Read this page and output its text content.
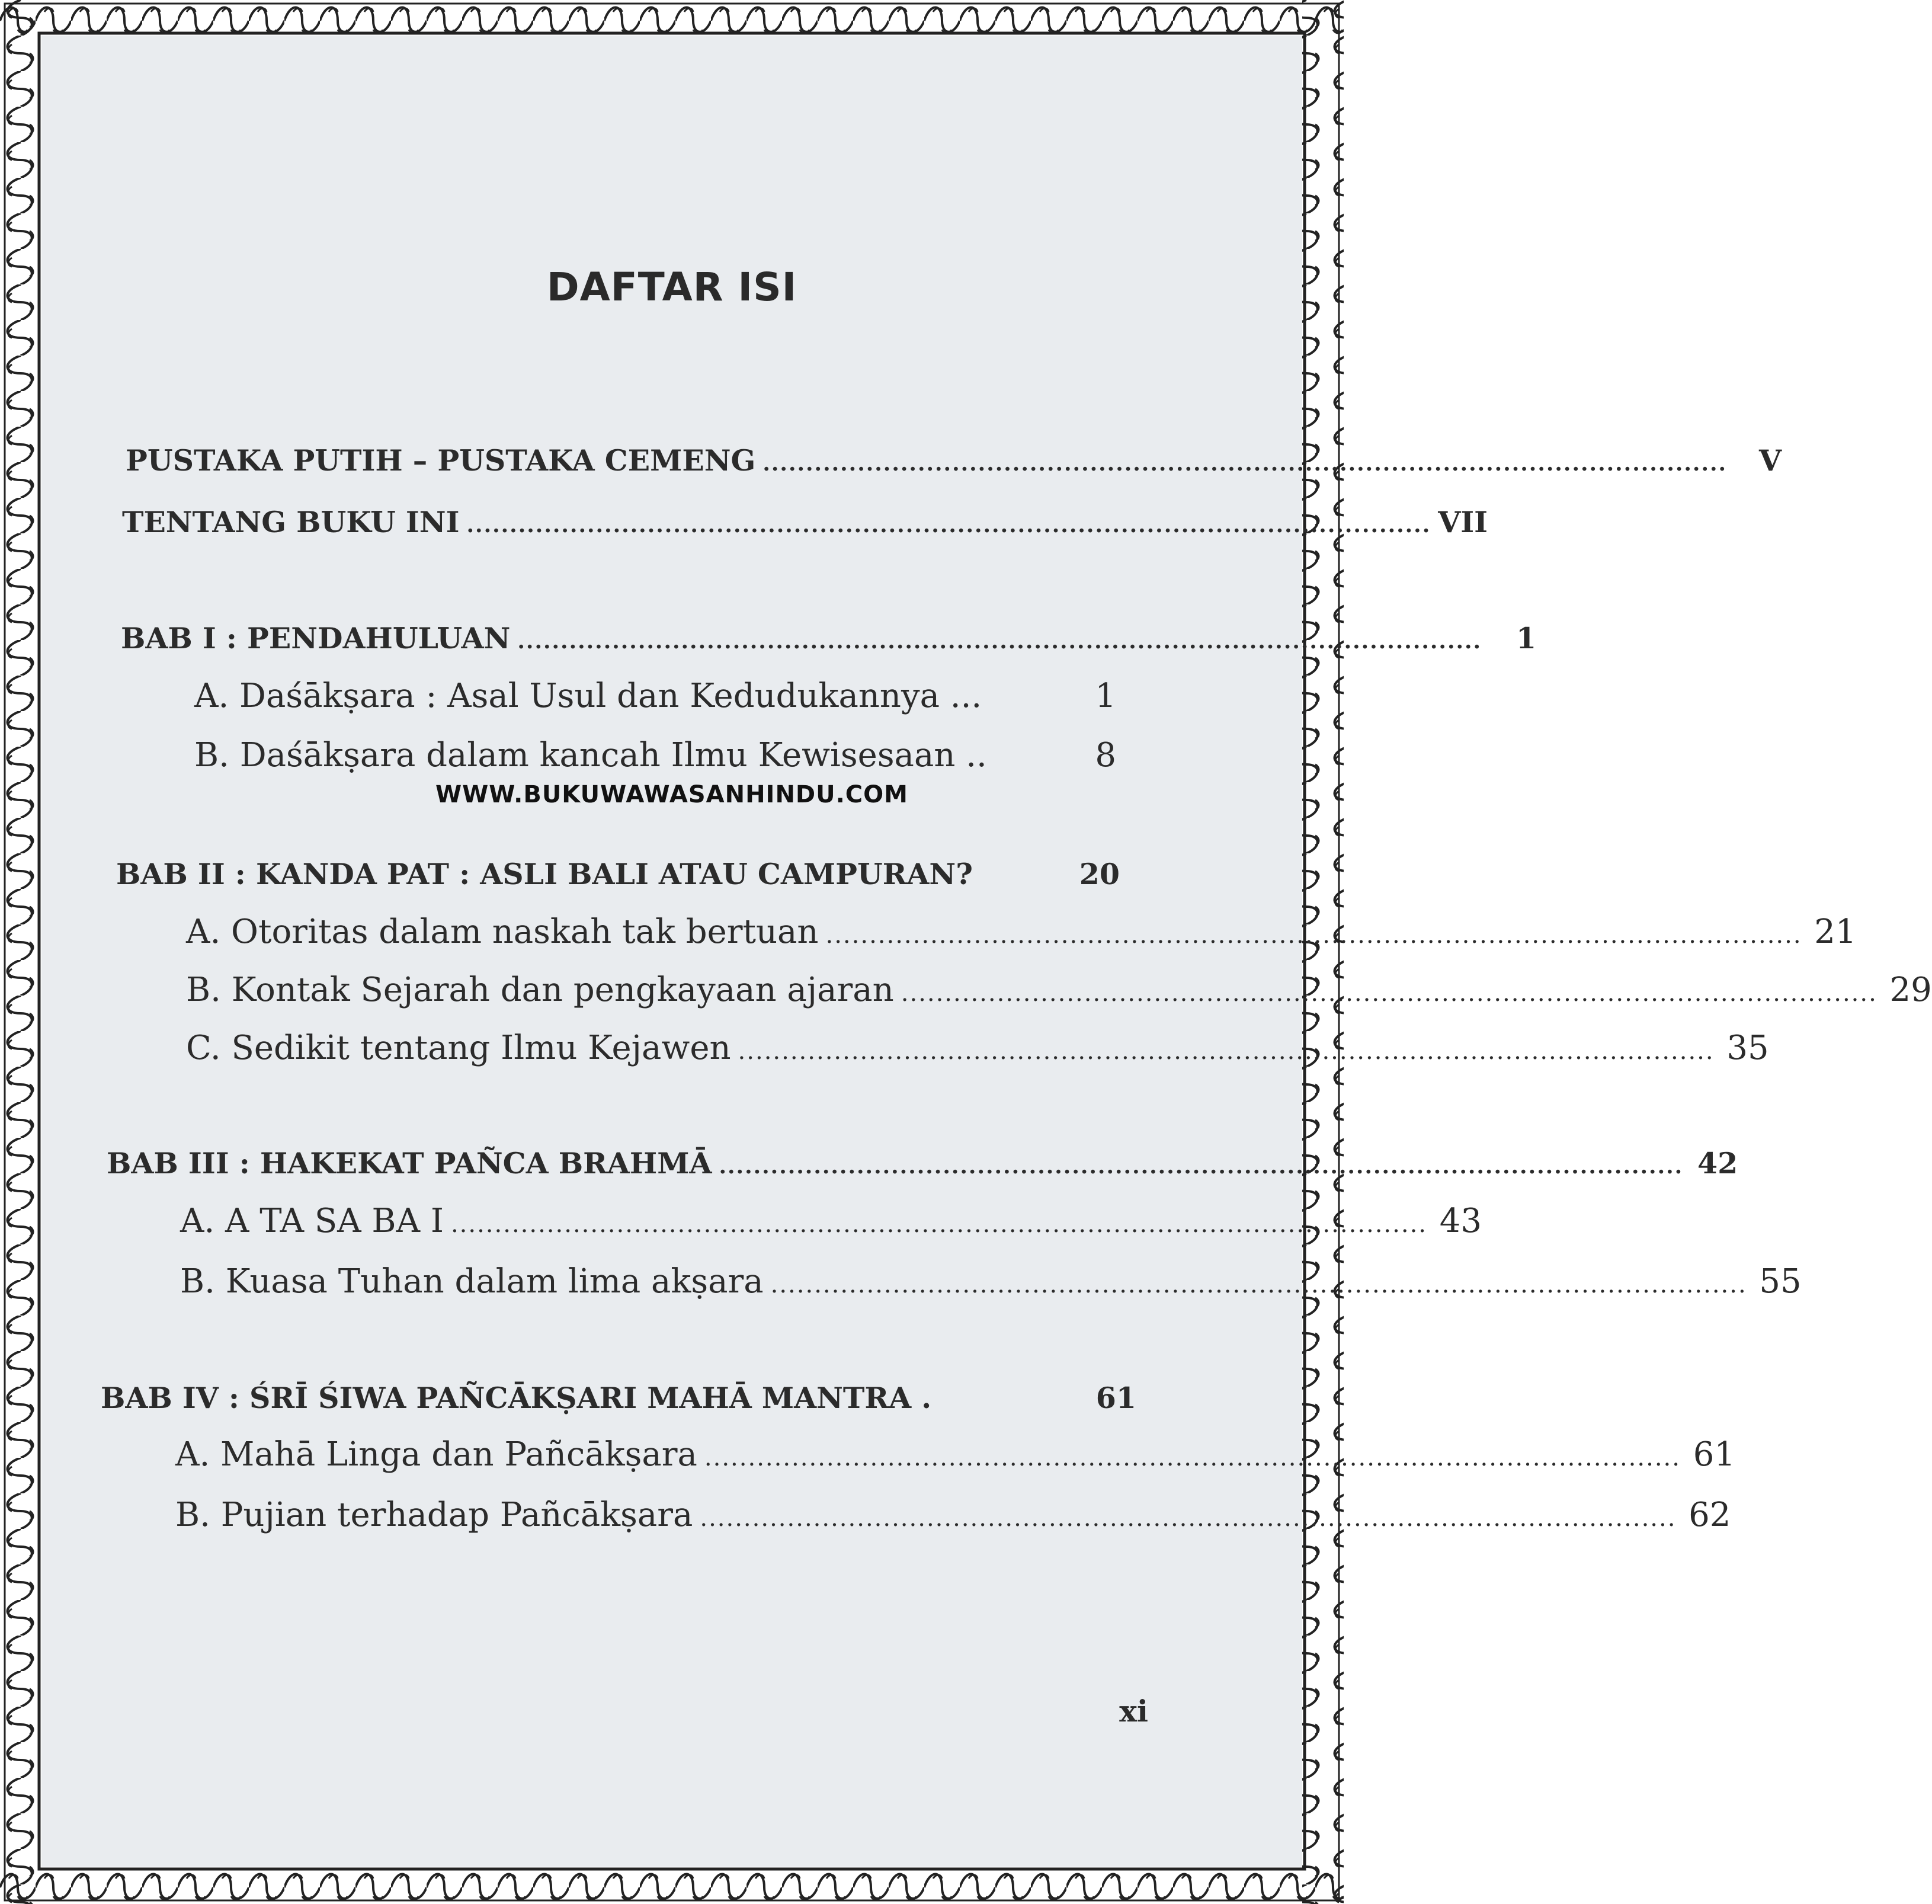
DAFTAR ISI
PUSTAKA PUTIH – PUSTAKA CEMENG ................................................................................................................	V
TENTANG BUKU INI ................................................................................................................ VII
BAB I : PENDAHULUAN ................................................................................................................	1
A. Daśākṣara : Asal Usul dan Kedudukannya ...	1
B. Daśākṣara dalam kancah Ilmu Kewisesaan ..	8
WWW.BUKUWAWASANHINDU.COM
BAB II : KANDA PAT : ASLI BALI ATAU CAMPURAN?	20
A. Otoritas dalam naskah tak bertuan ................................................................................................................ 21
B. Kontak Sejarah dan pengkayaan ajaran ................................................................................................................ 29
C. Sedikit tentang Ilmu Kejawen ................................................................................................................ 35
BAB III : HAKEKAT PAÑCA BRAHMĀ ................................................................................................................ 42
A. A TA SA BA I ................................................................................................................ 43
B. Kuasa Tuhan dalam lima akṣara ................................................................................................................ 55
BAB IV : ŚRĪ ŚIWA PAÑCĀKṢARI MAHĀ MANTRA .	61
A. Mahā Linga dan Pañcākṣara ................................................................................................................ 61
B. Pujian terhadap Pañcākṣara ................................................................................................................ 62
xi
